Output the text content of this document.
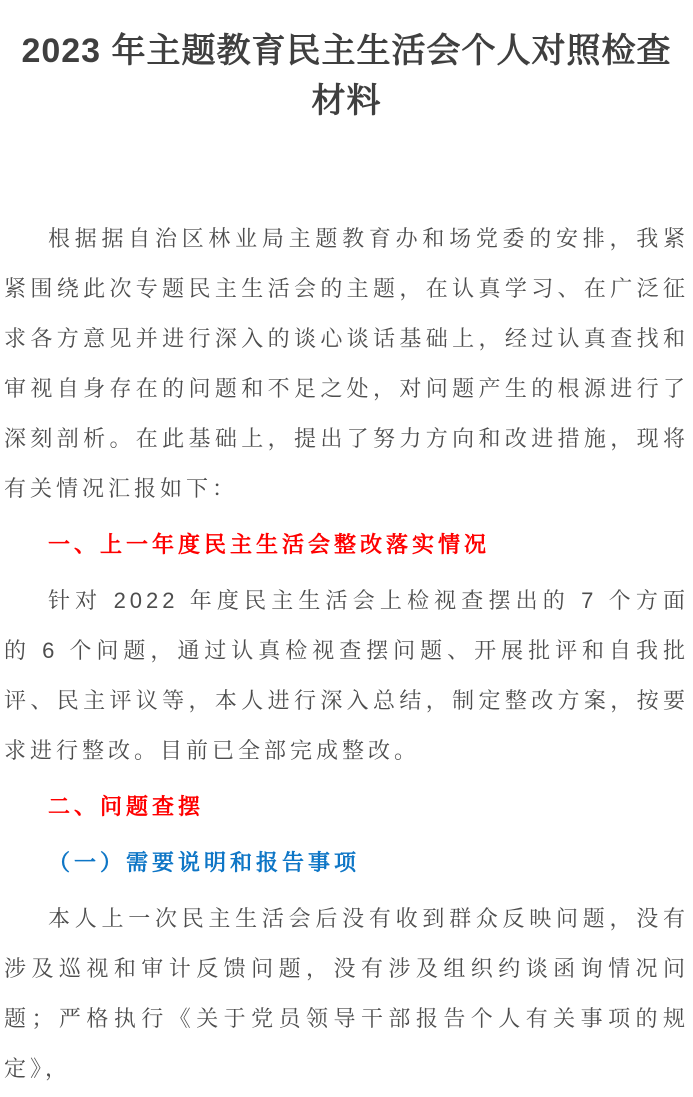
2023 年主题教育民主生活会个人对照检查材料

根据据自治区林业局主题教育办和场党委的安排，我紧紧围绕此次专题民主生活会的主题，在认真学习、在广泛征求各方意见并进行深入的谈心谈话基础上，经过认真查找和审视自身存在的问题和不足之处，对问题产生的根源进行了深刻剖析。在此基础上，提出了努力方向和改进措施，现将有关情况汇报如下：

一、上一年度民主生活会整改落实情况

针对 2022 年度民主生活会上检视查摆出的 7 个方面的 6 个问题，通过认真检视查摆问题、开展批评和自我批评、民主评议等，本人进行深入总结，制定整改方案，按要求进行整改。目前已全部完成整改。

二、问题查摆

（一）需要说明和报告事项

本人上一次民主生活会后没有收到群众反映问题，没有涉及巡视和审计反馈问题，没有涉及组织约谈函询情况问题；严格执行《关于党员领导干部报告个人有关事项的规定》，
